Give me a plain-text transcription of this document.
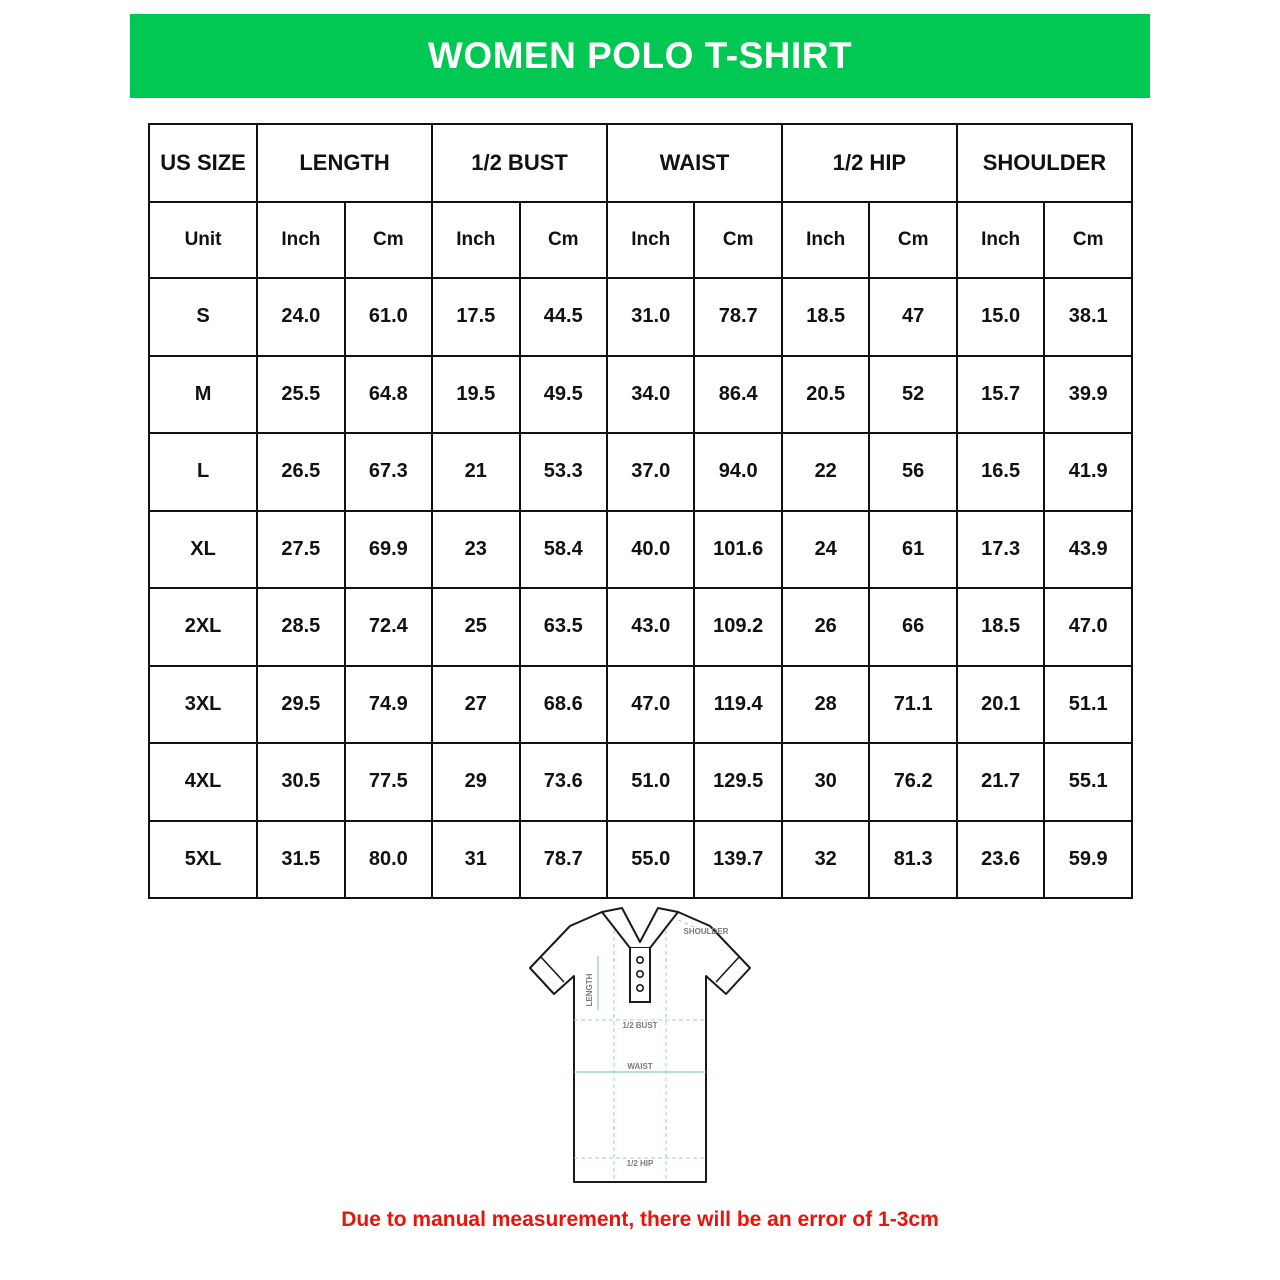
WOMEN POLO T-SHIRT
US SIZE	LENGTH		1/2 BUST		WAIST		1/2 HIP		SHOULDER	
Unit	Inch	Cm	Inch	Cm	Inch	Cm	Inch	Cm	Inch	Cm
S	24.0	61.0	17.5	44.5	31.0	78.7	18.5	47	15.0	38.1
M	25.5	64.8	19.5	49.5	34.0	86.4	20.5	52	15.7	39.9
L	26.5	67.3	21	53.3	37.0	94.0	22	56	16.5	41.9
XL	27.5	69.9	23	58.4	40.0	101.6	24	61	17.3	43.9
2XL	28.5	72.4	25	63.5	43.0	109.2	26	66	18.5	47.0
3XL	29.5	74.9	27	68.6	47.0	119.4	28	71.1	20.1	51.1
4XL	30.5	77.5	29	73.6	51.0	129.5	30	76.2	21.7	55.1
5XL	31.5	80.0	31	78.7	55.0	139.7	32	81.3	23.6	59.9
LENGTH
1/2 BUST
WAIST
1/2 HIP
SHOULDER
Due to manual measurement, there will be an error of 1-3cm
